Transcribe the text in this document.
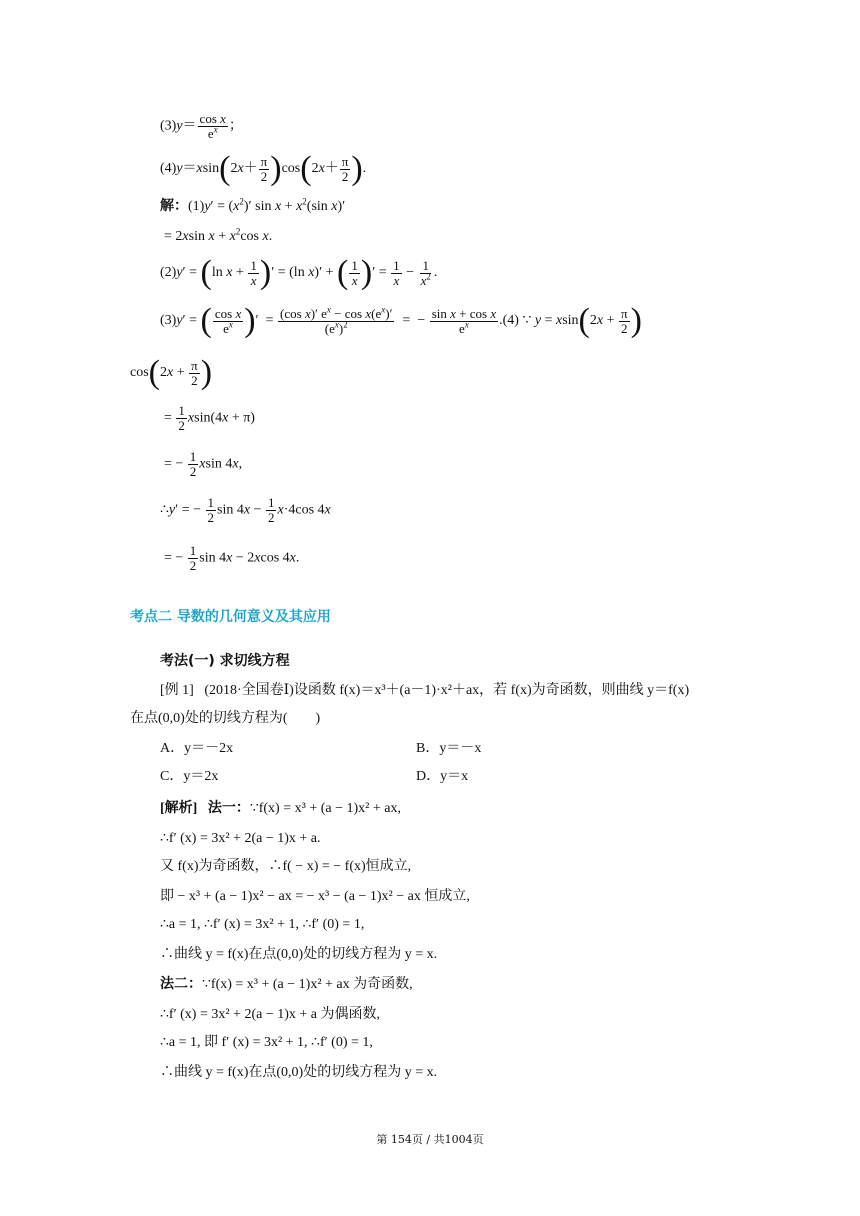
$(3)y= \frac{\text{cos x}}{e^x}$ ；
$(4)y=xsin(2x+ \frac{\pi}{2} )\cos(2x+ \frac{\pi}{2}$ ).
解：$(1)y' = (x^2)'$ $\sin x + x^2(\sin$ x)′
= 2xsin $x + x^2\cos$ x.
(2)y′ = (ln $x + \frac{1}{x}$ )′ = (ln x)′ + ( $\frac{1}{x}$ )′ = $\frac{1}{x} - \frac{1}{x^2}$ .
(3)y′ = ( $\frac{\text{cos x}}{e^x}$ )′  = $\frac{(\cos x)' e^x - \cos x(e^x)'}{(e^x)^2}$ =  − $\frac{\text{sin x + cos x}}{e^x} .(4)$ ∵ $y = xsin(2x + \frac{\pi}{2}$ )
$\cos(2x + \frac{\pi}{2}$ )
= $\frac{1}{2} xsin(4x + \pi)$
= − $\frac{1}{2}$ xsin 4x,
∴y′ = − $\frac{1}{2}$ $\sin 4x - \frac{1}{2} x\cdot 4\cos$ 4x
= − $\frac{1}{2}$ sin 4x − 2xcos 4x.
考点二 导数的几何意义及其应用
考法(一) 求切线方程
[例 1] (2018·全国卷Ⅰ)设函数 f(x)＝x³＋(a－1)·x²＋ax，若 f(x)为奇函数，则曲线 y＝f(x)
在点(0,0)处的切线方程为(　　)
A．y＝－2x	B．y＝－x
C．y＝2x	D．y＝x
[解析] 法一：∵f(x) = x³ + (a − 1)x² + ax,
∴f′ (x) = 3x² + 2(a − 1)x + a.
又 f(x)为奇函数，∴f( − x) = − f(x)恒成立,
即 − x³ + (a − 1)x² − ax = − x³ − (a − 1)x² − ax 恒成立,
∴a = 1, ∴f′ (x) = 3x² + 1, ∴f′ (0) = 1,
∴曲线 y = f(x)在点(0,0)处的切线方程为 y = x.
法二：∵f(x) = x³ + (a − 1)x² + ax 为奇函数,
∴f′ (x) = 3x² + 2(a − 1)x + a 为偶函数,
∴a = 1, 即 f′ (x) = 3x² + 1, ∴f′ (0) = 1,
∴曲线 y = f(x)在点(0,0)处的切线方程为 y = x.
第 154页 / 共1004页
